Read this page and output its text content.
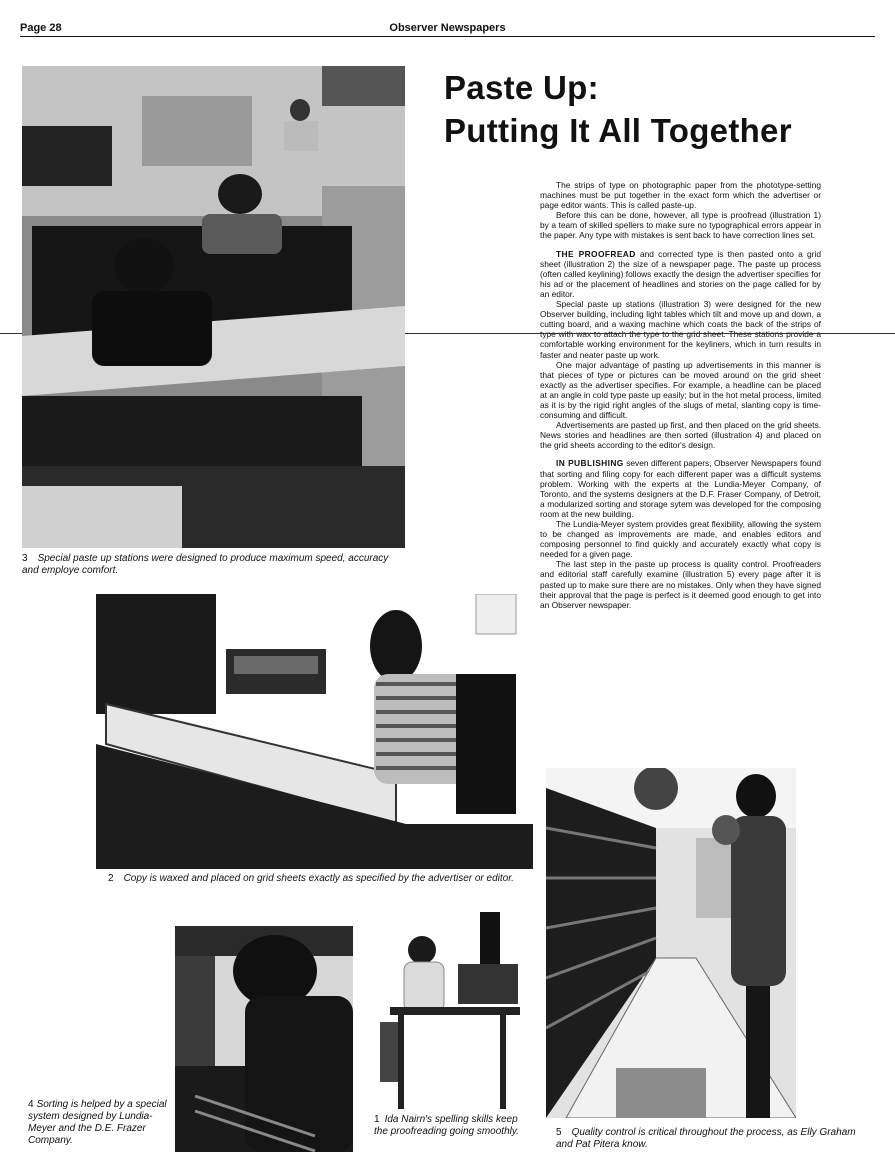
Page 28	Observer Newspapers
Paste Up:
Putting It All Together

The strips of type on photographic paper from the phototype-setting machines must be put together in the exact form which the advertiser or page editor wants. This is called paste-up.

Before this can be done, however, all type is proofread (illustration 1) by a team of skilled spellers to make sure no typographical errors appear in the paper. Any type with mistakes is sent back to have correction lines set.

THE PROOFREAD and corrected type is then pasted onto a grid sheet (illustration 2) the size of a newspaper page. The paste up process (often called keylining) follows exactly the design the advertiser specifies for his ad or the placement of headlines and stories on the page called for by an editor.

Special paste up stations (illustration 3) were designed for the new Observer building, including light tables which tilt and move up and down, a cutting board, and a waxing machine which coats the back of the strips of type with wax to attach the type to the grid sheet. These stations provide a comfortable working environment for the keyliners, which in turn results in faster and neater paste up work.

One major advantage of pasting up advertisements in this manner is that pieces of type or pictures can be moved around on the grid sheet exactly as the advertiser specifies. For example, a headline can be placed at an angle in cold type paste up easily; but in the hot metal process, limited as it is by the rigid right angles of the slugs of metal, slanting copy is time-consuming and difficult.

Advertisements are pasted up first, and then placed on the grid sheets. News stories and headlines are then sorted (illustration 4) and placed on the grid sheets according to the editor's design.

IN PUBLISHING seven different papers, Observer Newspapers found that sorting and filing copy for each different paper was a difficult systems problem. Working with the experts at the Lundia-Meyer Company, of Toronto, and the systems designers at the D.F. Fraser Company, of Detroit, a modularized sorting and storage sytem was developed for the composing room at the new building.

The Lundia-Meyer system provides great flexibility, allowing the system to be changed as improvements are made, and enables editors and composing personnel to find quickly and accurately exactly what copy is needed for a given page.

The last step in the paste up process is quality control. Proofreaders and editorial staff carefully examine (illustration 5) every page after it is pasted up to make sure there are no mistakes. Only when they have signed their approval that the page is perfect is it deemed good enough to get into an Observer newspaper.

3 Special paste up stations were designed to produce maximum speed, accuracy and employe comfort.
2 Copy is waxed and placed on grid sheets exactly as specified by the advertiser or editor.
4 Sorting is helped by a special system designed by Lundia-Meyer and the D.E. Frazer Company.
1 Ida Nairn's spelling skills keep the proofreading going smoothly.	5 Quality control is critical throughout the process, as Elly Graham and Pat Pitera know.
